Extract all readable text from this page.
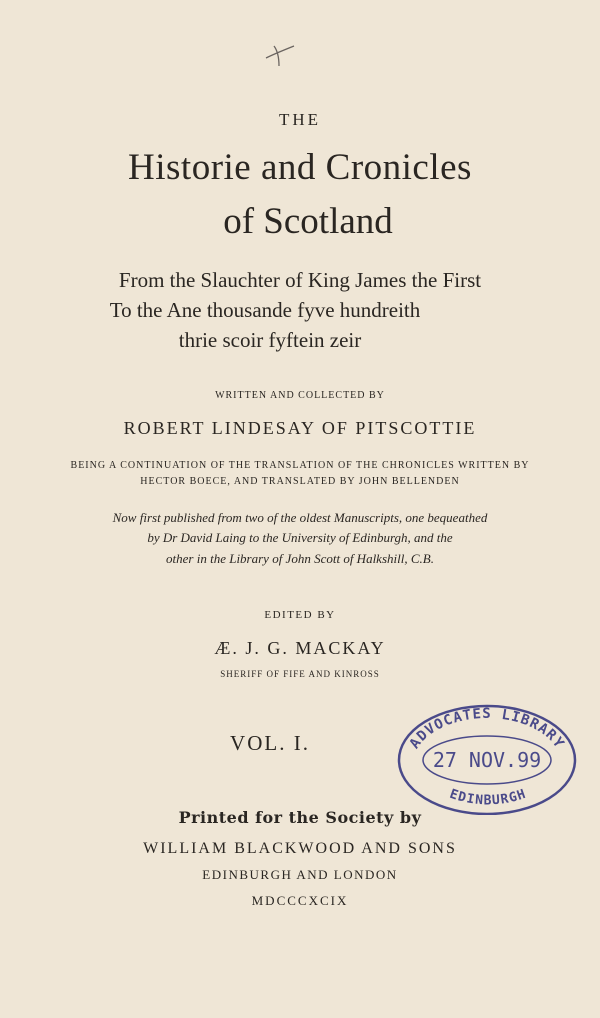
THE
Historie and Cronicles
of Scotland
From the Slauchter of King James the First
To the Ane thousande fyve hundreith
thrie scoir fyftein zeir
WRITTEN AND COLLECTED BY
ROBERT LINDESAY OF PITSCOTTIE
BEING A CONTINUATION OF THE TRANSLATION OF THE CHRONICLES WRITTEN BY
HECTOR BOECE, AND TRANSLATED BY JOHN BELLENDEN
Now first published from two of the oldest Manuscripts, one bequeathed
by Dr David Laing to the University of Edinburgh, and the
other in the Library of John Scott of Halkshill, C.B.
EDITED BY
Æ. J. G. MACKAY
SHERIFF OF FIFE AND KINROSS
VOL. I.	ADVOCATES LIBRARY
27 NOV.99
EDINBURGH
Printed for the Society by
WILLIAM BLACKWOOD AND SONS
EDINBURGH AND LONDON
MDCCCXCIX
